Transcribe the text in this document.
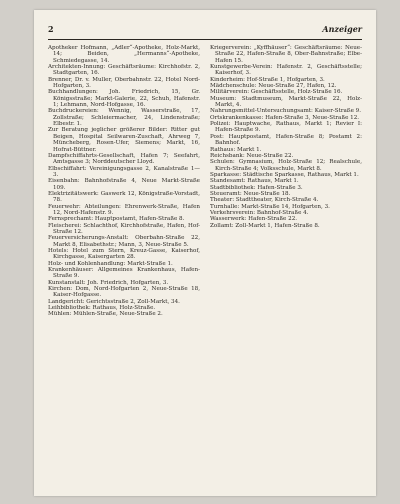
2	Anzeiger

Apotheker Hofmann, „Adler“-Apotheke, Holz-Markt, 14; Beiden, „Hermanns“-Apotheke, Schmiedegasse, 14.

Architekten-Innung: Geschäftsräume: Kirchhofstr. 2, Stadtgarten, 16.

Brenner, Dr. v. Muller, Oberbahnstr. 22, Hotel Nord-Hofgarten, 3.

Buchhandlungen: Joh. Friedrich, 15, Gr. Königsstraße; Markt-Galerie, 22, Schuh, Hafenstr. 1; Lehmann, Nord-Hofgasse, 16.

Buchdruckereien: Wennig, Wasserstraße, 17, Zollstraße; Schleiermacher, 24, Lindenstraße; Elbestr. 1.

Zur Beratung jeglicher größerer Bilder: Ritter gut Beigen, Hospital Seilwaren-Zuschaft, Ahrweg 7, Müncheberg, Rosen-Ufer, Siemens; Markt, 16, Hofrat-Büttner.

Dampfschiffahrts-Gesellschaft, Hafen 7; Seefahrt, Amtsgasse 3; Norddeutscher Lloyd.

Elbschiffahrt: Vereinigungsgasse 2, Kanalstraße 1—3.

Eisenbahn: Bahnhofstraße 4, Neue Markt-Straße 109.

Elektrizitätswerk: Gaswerk 12, Königstraße-Vorstadt, 78.

Feuerwehr: Abteilungen: Ehrenwerk-Straße, Hafen 12, Nord-Hafenstr. 9.

Fernsprechamt: Hauptpostamt, Hafen-Straße 8.

Fleischerei: Schlachthof, Kirchhofstraße, Hafen, Hof-Straße 12.

Feuerversicherungs-Anstalt: Oberbahn-Straße 22, Markt 8, Elisabethstr.; Mann, 3, Neue-Straße 5.

Hotels: Hotel zum Stern, Kreuz-Gasse, Kaiserhof, Kirchgasse, Kaisergarten 28.

Holz- und Kohlenhandlung: Markt-Straße 1.

Krankenhäuser: Allgemeines Krankenhaus, Hafen-Straße 9.

Kunstanstalt: Joh. Friedrich, Hofgarten, 3.

Kirchen: Dom, Nord-Hofgarten 2, Neue-Straße 18, Kaiser-Hofgasse.

Landgericht: Gerichtsstraße 2, Zoll-Markt, 34.

Leihbibliothek: Rathaus, Holz-Straße.

Mühlen: Mühlen-Straße, Neue-Straße 2.

Kriegerverein: „Kyffhäuser“: Geschäftsräume: Neue-Straße 22, Hafen-Straße 8, Ober-Bahnstraße; Elbe-Hafen 15.

Kunstgewerbe-Verein: Hafenstr. 2, Geschäftsstelle; Kaiserhof, 3.

Kinderheim: Hof-Straße 1, Hofgarten, 3.

Mädchenschule: Neue-Straße 27, Hafen, 12.

Militärverein: Geschäftsstelle, Holz-Straße 16.

Museum: Stadtmuseum, Markt-Straße 22, Holz-Markt, 4.

Nahrungsmittel-Untersuchungsamt: Kaiser-Straße 9.

Ortskrankenkasse: Hafen-Straße 3, Neue-Straße 12.

Polizei: Hauptwache, Rathaus, Markt 1; Revier I: Hafen-Straße 9.

Post: Hauptpostamt, Hafen-Straße 8; Postamt 2: Bahnhof.

Rathaus: Markt 1.

Reichsbank: Neue-Straße 22.

Schulen: Gymnasium, Holz-Straße 12; Realschule, Kirch-Straße 4; Volksschule, Markt 8.

Sparkasse: Städtische Sparkasse, Rathaus, Markt 1.

Standesamt: Rathaus, Markt 1.

Stadtbibliothek: Hafen-Straße 3.

Steueramt: Neue-Straße 18.

Theater: Stadttheater, Kirch-Straße 4.

Turnhalle: Markt-Straße 14, Hofgarten, 3.

Verkehrsverein: Bahnhof-Straße 4.

Wasserwerk: Hafen-Straße 22.

Zollamt: Zoll-Markt 1, Hafen-Straße 8.
